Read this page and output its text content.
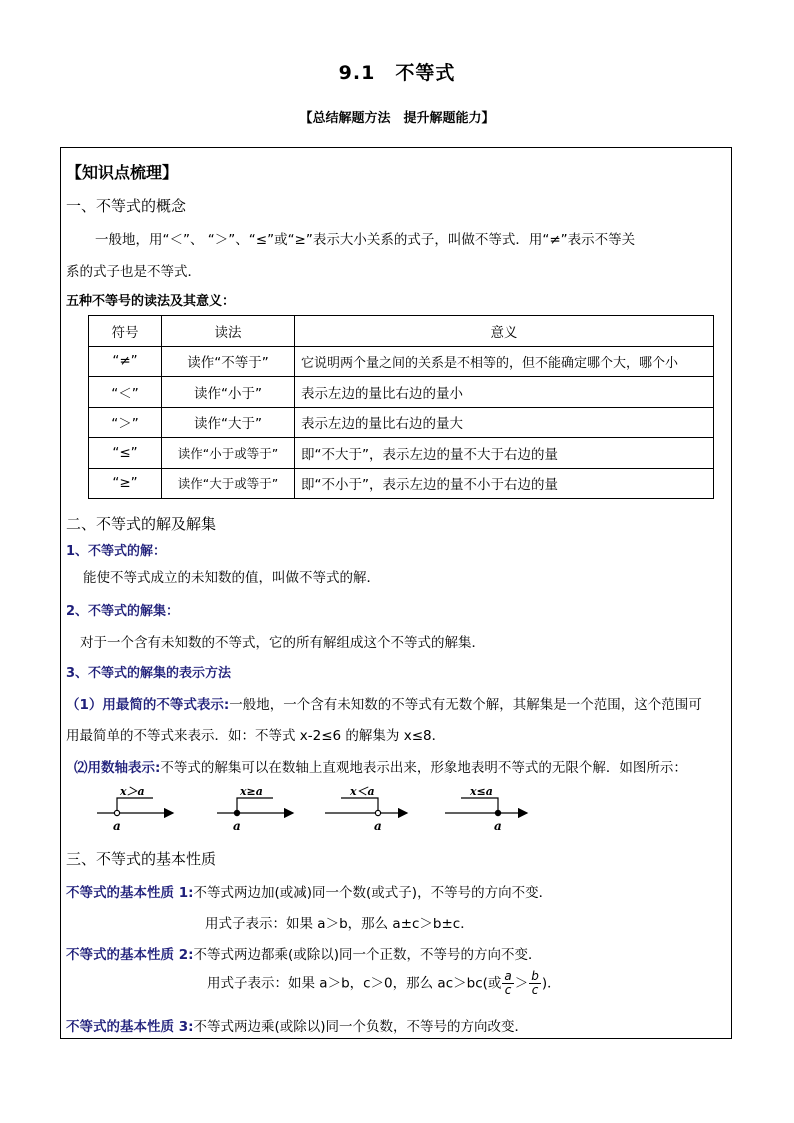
9.1　不等式
【总结解题方法　提升解题能力】
【知识点梳理】
一、不等式的概念
一般地，用“＜”、 “＞”、“≤”或“≥”表示大小关系的式子，叫做不等式．用“≠”表示不等关
系的式子也是不等式．
五种不等号的读法及其意义：
符号	读法	意义
“≠”	读作“不等于”	它说明两个量之间的关系是不相等的，但不能确定哪个大，哪个小
“＜”	读作“小于”	表示左边的量比右边的量小
“＞”	读作“大于”	表示左边的量比右边的量大
“≤”	读作“小于或等于”	即“不大于”，表示左边的量不大于右边的量
“≥”	读作“大于或等于”	即“不小于”，表示左边的量不小于右边的量
二、不等式的解及解集
1、不等式的解：
能使不等式成立的未知数的值，叫做不等式的解．
2、不等式的解集：
对于一个含有未知数的不等式，它的所有解组成这个不等式的解集．
3、不等式的解集的表示方法
（1）用最简的不等式表示:一般地，一个含有未知数的不等式有无数个解，其解集是一个范围，这个范围可
用最简单的不等式来表示．如：不等式 x-2≤6 的解集为 x≤8．
⑵用数轴表示:不等式的解集可以在数轴上直观地表示出来，形象地表明不等式的无限个解．如图所示：
x＞a
a
x≥a
a
x＜a
a
x≤a
a
三、不等式的基本性质
不等式的基本性质 1:不等式两边加(或减)同一个数(或式子)，不等号的方向不变．
用式子表示：如果 a＞b，那么 a±c＞b±c．
不等式的基本性质 2:不等式两边都乘(或除以)同一个正数，不等号的方向不变．
用式子表示：如果 a＞b，c＞0，那么 ac＞bc(或 $\frac{a}{c} > \frac{b}{c}$ )．
不等式的基本性质 3:不等式两边乘(或除以)同一个负数，不等号的方向改变．
